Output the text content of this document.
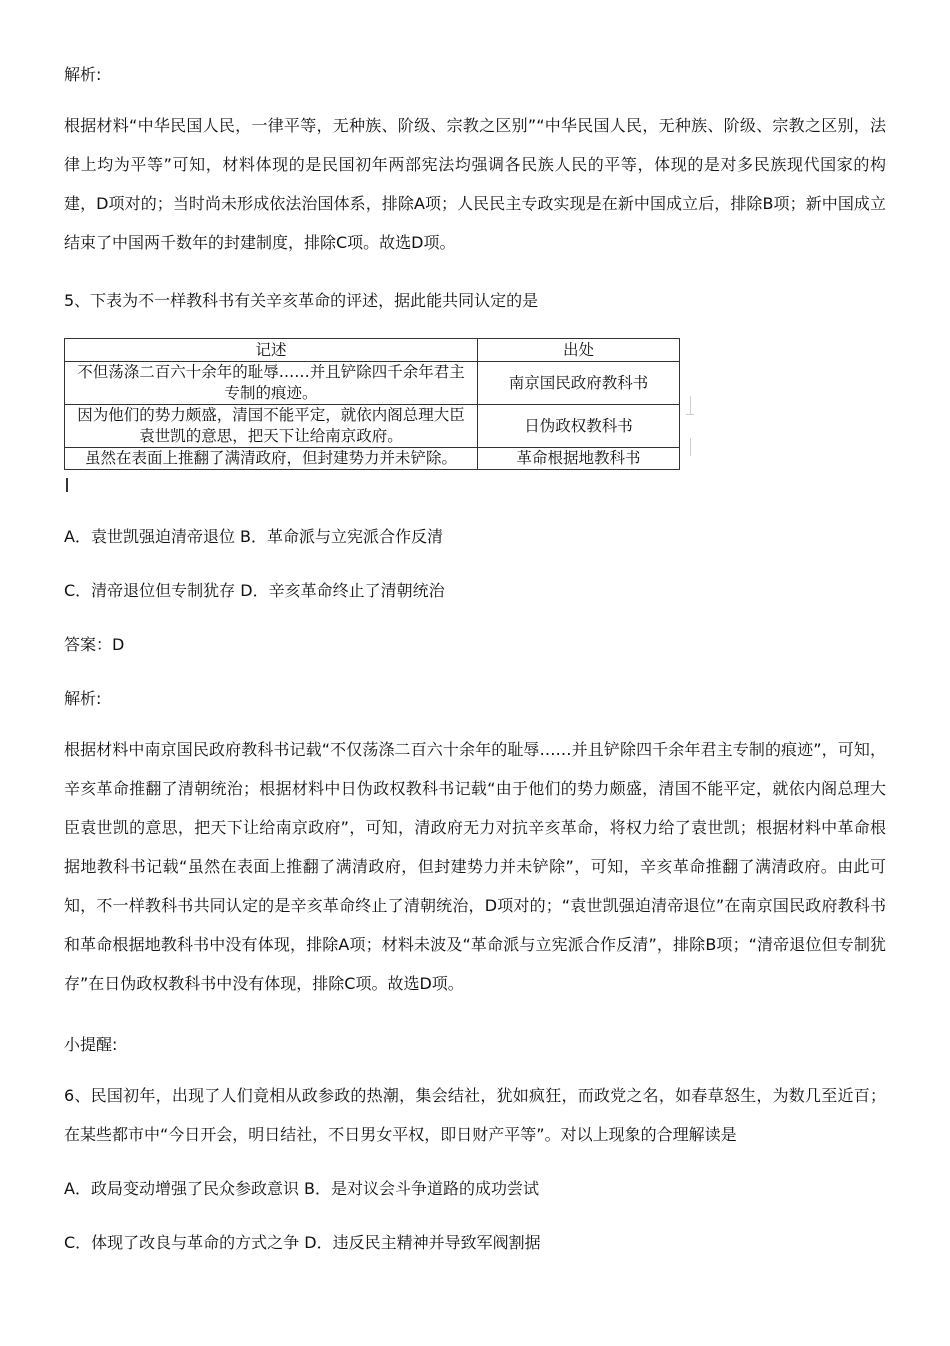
解析:
根据材料“中华民国人民，一律平等，无种族、阶级、宗教之区别”“中华民国人民，无种族、阶级、宗教之区别，法律上均为平等”可知，材料体现的是民国初年两部宪法均强调各民族人民的平等，体现的是对多民族现代国家的构建，D项对的；当时尚未形成依法治国体系，排除A项；人民民主专政实现是在新中国成立后，排除B项；新中国成立结束了中国两千数年的封建制度，排除C项。故选D项。
5、下表为不一样教科书有关辛亥革命的评述，据此能共同认定的是
记述	出处
不但荡涤二百六十余年的耻辱……并且铲除四千余年君主专制的痕迹。	南京国民政府教科书
因为他们的势力颇盛，清国不能平定，就依内阁总理大臣袁世凯的意思，把天下让给南京政府。	日伪政权教科书
虽然在表面上推翻了满清政府，但封建势力并未铲除。	革命根据地教科书
A．袁世凯强迫清帝退位 B．革命派与立宪派合作反清
C．清帝退位但专制犹存 D．辛亥革命终止了清朝统治
答案：D
解析:
根据材料中南京国民政府教科书记载“不仅荡涤二百六十余年的耻辱……并且铲除四千余年君主专制的痕迹”，可知，辛亥革命推翻了清朝统治；根据材料中日伪政权教科书记载“由于他们的势力颇盛，清国不能平定，就依内阁总理大臣袁世凯的意思，把天下让给南京政府”，可知，清政府无力对抗辛亥革命，将权力给了袁世凯；根据材料中革命根据地教科书记载“虽然在表面上推翻了满清政府，但封建势力并未铲除”，可知，辛亥革命推翻了满清政府。由此可知，不一样教科书共同认定的是辛亥革命终止了清朝统治，D项对的；“袁世凯强迫清帝退位”在南京国民政府教科书和革命根据地教科书中没有体现，排除A项；材料未波及“革命派与立宪派合作反清”，排除B项；“清帝退位但专制犹存”在日伪政权教科书中没有体现，排除C项。故选D项。
小提醒:
6、民国初年，出现了人们竟相从政参政的热潮，集会结社，犹如疯狂，而政党之名，如春草怒生，为数几至近百；在某些都市中“今日开会，明日结社，不日男女平权，即日财产平等”。对以上现象的合理解读是
A．政局变动增强了民众参政意识 B．是对议会斗争道路的成功尝试
C．体现了改良与革命的方式之争 D．违反民主精神并导致军阀割据
